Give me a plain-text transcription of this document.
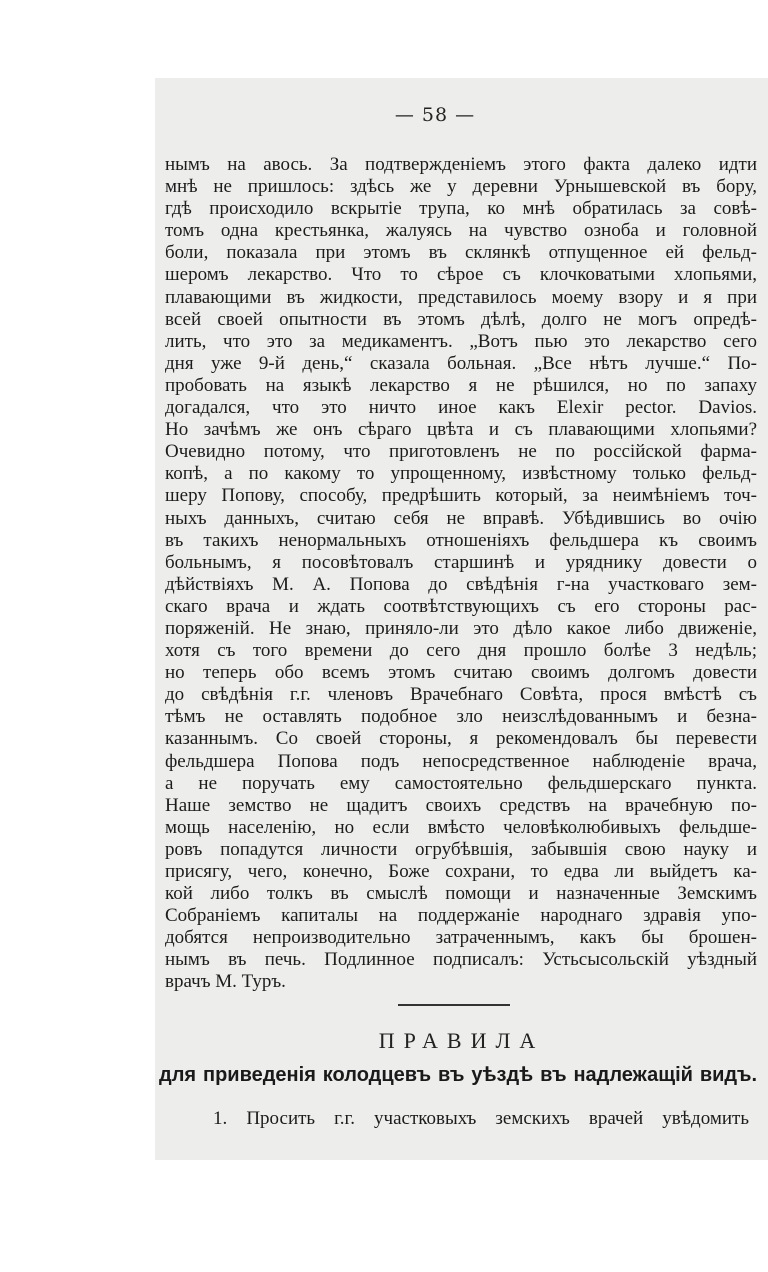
— 58 —
нымъ на авось. За подтвержденіемъ этого факта далеко идти
мнѣ не пришлось: здѣсь же у деревни Урнышевской въ бору,
гдѣ происходило вскрытіе трупа, ко мнѣ обратилась за совѣ-
томъ одна крестьянка, жалуясь на чувство озноба и головной
боли, показала при этомъ въ склянкѣ отпущенное ей фельд-
шеромъ лекарство. Что то сѣрое съ клочковатыми хлопьями,
плавающими въ жидкости, представилось моему взору и я при
всей своей опытности въ этомъ дѣлѣ, долго не могъ опредѣ-
лить, что это за медикаментъ. „Вотъ пью это лекарство сего
дня уже 9-й день,“ сказала больная. „Все нѣтъ лучше.“ По-
пробовать на языкѣ лекарство я не рѣшился, но по запаху
догадался, что это ничто иное какъ Elexir pector. Daviоs.
Но зачѣмъ же онъ сѣраго цвѣта и съ плавающими хлопьями?
Очевидно потому, что приготовленъ не по россійской фарма-
копѣ, а по какому то упрощенному, извѣстному только фельд-
шеру Попову, способу, предрѣшить который, за неимѣніемъ точ-
ныхъ данныхъ, считаю себя не вправѣ. Убѣдившись во очію
въ такихъ ненормальныхъ отношеніяхъ фельдшера къ своимъ
больнымъ, я посовѣтовалъ старшинѣ и урядникy довести о
дѣйствіяхъ М. А. Попова до свѣдѣнія г-на участковаго зем-
скаго врача и ждать соотвѣтствующихъ съ его стороны рас-
поряженій. Не знаю, приняло-ли это дѣло какое либо движеніе,
хотя съ того времени до сего дня прошло болѣе 3 недѣль;
но теперь обо всемъ этомъ считаю своимъ долгомъ довести
до свѣдѣнія г.г. членовъ Врачебнаго Совѣта, прося вмѣстѣ съ
тѣмъ не оставлять подобное зло неизслѣдованнымъ и безна-
казаннымъ. Со своей стороны, я рекомендовалъ бы перевести
фельдшера Попова подъ непосредственное наблюденіе врача,
а не поручать ему самостоятельно фельдшерскаго пункта.
Наше земство не щадитъ своихъ средствъ на врачебную по-
мощь населенію, но если вмѣсто человѣколюбивыхъ фельдше-
ровъ попадутся личности огрубѣвшія, забывшія свою науку и
присягу, чего, конечно, Боже сохрани, то едва ли выйдетъ ка-
кой либо толкъ въ смыслѣ помощи и назначенные Земскимъ
Собраніемъ капиталы на поддержаніе народнаго здравія упо-
добятся непроизводительно затраченнымъ, какъ бы брошен-
нымъ въ печь. Подлинное подписалъ: Устьсысольскій уѣздный
врачъ М. Туръ.
ПРАВИЛА
для приведенія колодцевъ въ уѣздѣ въ надлежащій видъ.
1. Просить г.г. участковыхъ земскихъ врачей увѣдомить
